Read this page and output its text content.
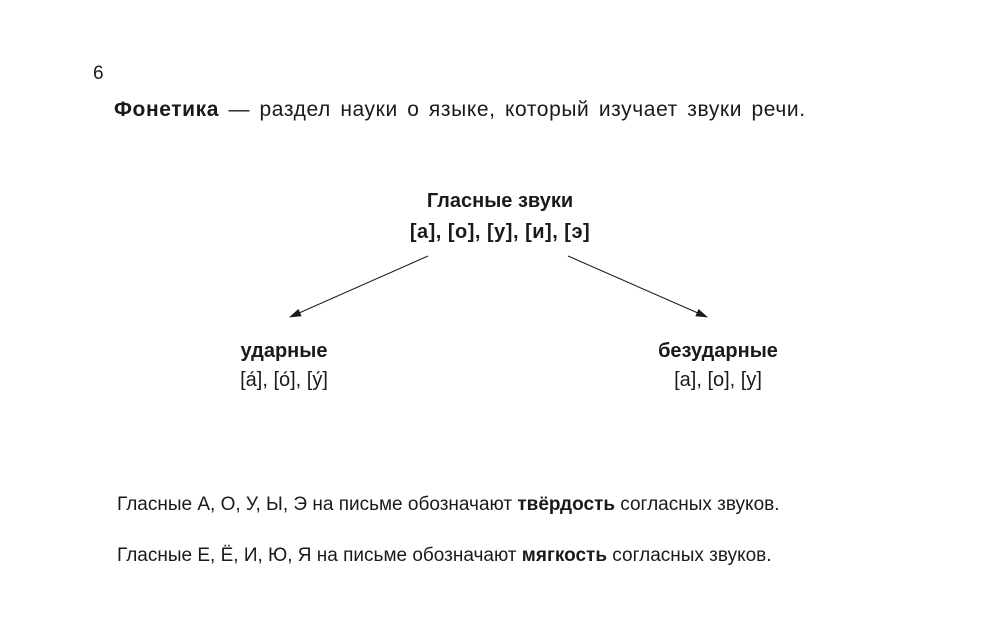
6
Фонетика — раздел науки о языке, который изучает звуки речи.
Гласные звуки
[а], [о], [у], [и], [э]
ударные
[а́], [о́], [у́]
безударные
[а], [о], [у]
Гласные А, О, У, Ы, Э на письме обозначают твёрдость согласных звуков.
Гласные Е, Ё, И, Ю, Я на письме обозначают мягкость согласных звуков.
